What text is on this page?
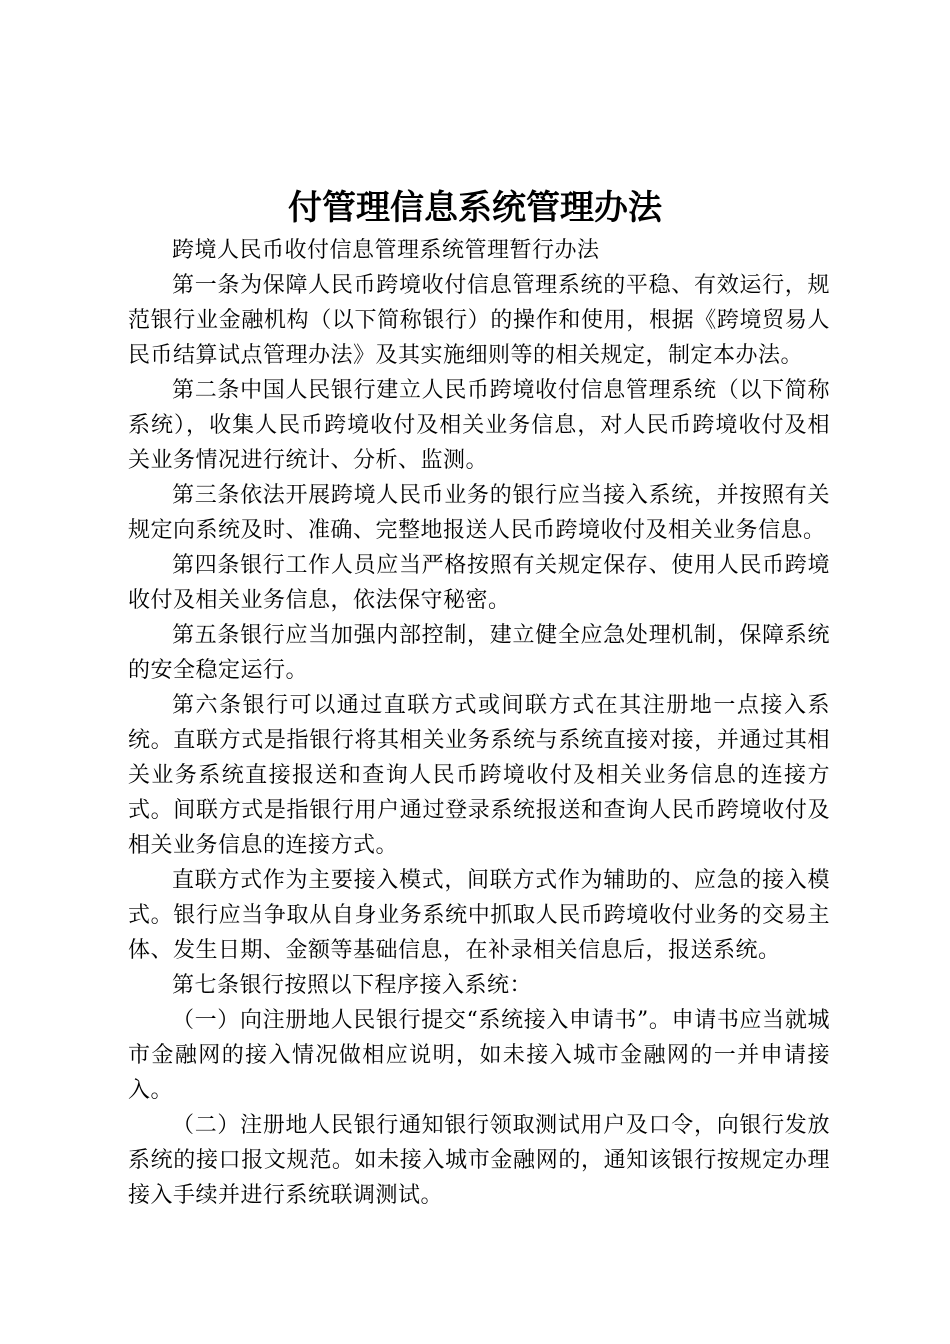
付管理信息系统管理办法

跨境人民币收付信息管理系统管理暂行办法

第一条为保障人民币跨境收付信息管理系统的平稳、有效运行，规范银行业金融机构（以下简称银行）的操作和使用，根据《跨境贸易人民币结算试点管理办法》及其实施细则等的相关规定，制定本办法。

第二条中国人民银行建立人民币跨境收付信息管理系统（以下简称系统），收集人民币跨境收付及相关业务信息，对人民币跨境收付及相关业务情况进行统计、分析、监测。

第三条依法开展跨境人民币业务的银行应当接入系统，并按照有关规定向系统及时、准确、完整地报送人民币跨境收付及相关业务信息。

第四条银行工作人员应当严格按照有关规定保存、使用人民币跨境收付及相关业务信息，依法保守秘密。

第五条银行应当加强内部控制，建立健全应急处理机制，保障系统的安全稳定运行。

第六条银行可以通过直联方式或间联方式在其注册地一点接入系统。直联方式是指银行将其相关业务系统与系统直接对接，并通过其相关业务系统直接报送和查询人民币跨境收付及相关业务信息的连接方式。间联方式是指银行用户通过登录系统报送和查询人民币跨境收付及相关业务信息的连接方式。

直联方式作为主要接入模式，间联方式作为辅助的、应急的接入模式。银行应当争取从自身业务系统中抓取人民币跨境收付业务的交易主体、发生日期、金额等基础信息，在补录相关信息后，报送系统。

第七条银行按照以下程序接入系统：

（一）向注册地人民银行提交“系统接入申请书”。申请书应当就城市金融网的接入情况做相应说明，如未接入城市金融网的一并申请接入。

（二）注册地人民银行通知银行领取测试用户及口令，向银行发放系统的接口报文规范。如未接入城市金融网的，通知该银行按规定办理接入手续并进行系统联调测试。
